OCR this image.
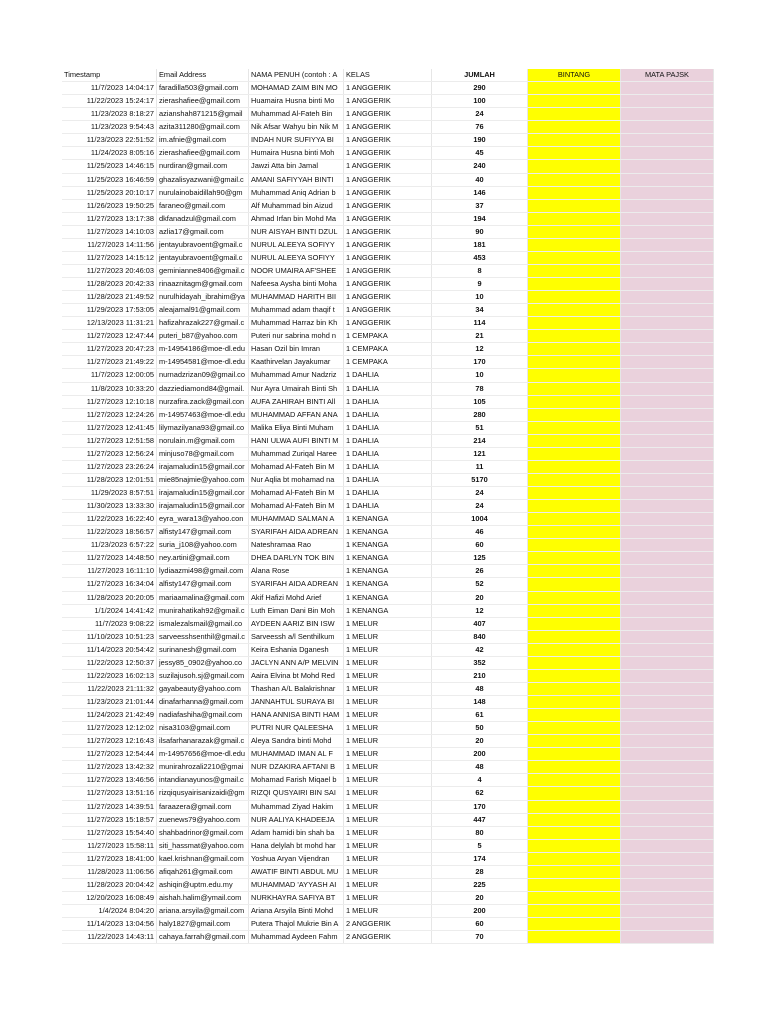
Timestamp	Email Address	NAMA PENUH (contoh : A	KELAS	JUMLAH	BINTANG	MATA PAJSK
11/7/2023 14:04:17	faradilla503@gmail.com	MOHAMAD ZAIM BIN MO	1 ANGGERIK	290		
11/22/2023 15:24:17	zierashafiee@gmail.com	Huamaira Husna binti Mo	1 ANGGERIK	100		
11/23/2023 8:18:27	azianshah871215@gmail	Muhammad Al-Fateh Bin	1 ANGGERIK	24		
11/23/2023 9:54:43	azita311280@gmail.com	Nik Afsar Wahyu bin Nik M	1 ANGGERIK	76		
11/23/2023 22:51:52	im.afnie@gmail.com	INDAH NUR SUFIYYA BI	1 ANGGERIK	190		
11/24/2023 8:05:16	zierashafiee@gmail.com	Humaira Husna binti Moh	1 ANGGERIK	45		
11/25/2023 14:46:15	nurdiran@gmail.com	Jawzi Atta bin Jamal	1 ANGGERIK	240		
11/25/2023 16:46:59	ghazalisyazwani@gmail.c	AMANI SAFIYYAH BINTI	1 ANGGERIK	40		
11/25/2023 20:10:17	nurulainobaidillah90@gm	Muhammad Aniq Adrian b	1 ANGGERIK	146		
11/26/2023 19:50:25	faraneo@gmail.com	Alf Muhammad bin Aizud	1 ANGGERIK	37		
11/27/2023 13:17:38	dkfanadzul@gmail.com	Ahmad Irfan bin Mohd Ma	1 ANGGERIK	194		
11/27/2023 14:10:03	azlia17@gmail.com	NUR AISYAH BINTI DZUL	1 ANGGERIK	90		
11/27/2023 14:11:56	jentayubravoent@gmail.c	NURUL ALEEYA SOFIYY	1 ANGGERIK	181		
11/27/2023 14:15:12	jentayubravoent@gmail.c	NURUL ALEEYA SOFIYY	1 ANGGERIK	453		
11/27/2023 20:46:03	geminianne8406@gmail.c	NOOR UMAIRA AF'SHEE	1 ANGGERIK	8		
11/28/2023 20:42:33	rinaaznitagm@gmail.com	Nafeesa Aysha binti Moha	1 ANGGERIK	9		
11/28/2023 21:49:52	nurulhidayah_ibrahim@ya	MUHAMMAD HARITH BII	1 ANGGERIK	10		
11/29/2023 17:53:05	aleajamal91@gmail.com	Muhammad adam thaqif t	1 ANGGERIK	34		
12/13/2023 11:31:21	hafizahrazak227@gmail.c	Muhammad Harraz bin Kh	1 ANGGERIK	114		
11/27/2023 12:47:44	puteri_b87@yahoo.com	Puteri nur sabrina mohd n	1 CEMPAKA	21		
11/27/2023 20:47:23	m-14954186@moe-dl.edu	Hasan Ozil bin Imran	1 CEMPAKA	12		
11/27/2023 21:49:22	m-14954581@moe-dl.edu	Kaathirvelan Jayakumar	1 CEMPAKA	170		
11/7/2023 12:00:05	nurnadzrizan09@gmail.co	Muhammad Amur Nadzriz	1 DAHLIA	10		
11/8/2023 10:33:20	dazziediamond84@gmail.	Nur Ayra Umairah Binti Sh	1 DAHLIA	78		
11/27/2023 12:10:18	nurzafira.zack@gmail.con	AUFA ZAHIRAH BINTI All	1 DAHLIA	105		
11/27/2023 12:24:26	m-14957463@moe-dl.edu	MUHAMMAD AFFAN ANA	1 DAHLIA	280		
11/27/2023 12:41:45	lilymazilyana93@gmail.co	Malika Eliya Binti Muham	1 DAHLIA	51		
11/27/2023 12:51:58	norulain.m@gmail.com	HANI ULWA AUFI BINTI M	1 DAHLIA	214		
11/27/2023 12:56:24	minjuso78@gmail.com	Muhammad Zuriqal Haree	1 DAHLIA	121		
11/27/2023 23:26:24	irajamaludin15@gmail.cor	Mohamad Al-Fateh Bin M	1 DAHLIA	11		
11/28/2023 12:01:51	mie85najmie@yahoo.com	Nur Aqlia bt mohamad na	1 DAHLIA	5170		
11/29/2023 8:57:51	irajamaludin15@gmail.cor	Mohamad Al-Fateh Bin M	1 DAHLIA	24		
11/30/2023 13:33:30	irajamaludin15@gmail.cor	Mohamad Al-Fateh Bin M	1 DAHLIA	24		
11/22/2023 16:22:40	eyra_wara13@yahoo.con	MUHAMMAD SALMAN A	1 KENANGA	1004		
11/22/2023 18:56:57	alfisty147@gmail.com	SYARIFAH AIDA ADREAN	1 KENANGA	46		
11/23/2023 6:57:22	suria_j108@yahoo.com	Nateshramaa Rao	1 KENANGA	60		
11/27/2023 14:48:50	ney.artini@gmail.com	DHEA DARLYN TOK BIN	1 KENANGA	125		
11/27/2023 16:11:10	lydiaazmi498@gmail.com	Alana Rose	1 KENANGA	26		
11/27/2023 16:34:04	alfisty147@gmail.com	SYARIFAH AIDA ADREAN	1 KENANGA	52		
11/28/2023 20:20:05	mariaamalina@gmail.com	Akif Hafizi Mohd Arief	1 KENANGA	20		
1/1/2024 14:41:42	munirahatikah92@gmail.c	Luth Eiman Dani Bin Moh	1 KENANGA	12		
11/7/2023 9:08:22	ismalezalsmail@gmail.co	AYDEEN AARIZ BIN ISW	1 MELUR	407		
11/10/2023 10:51:23	sarveesshsenthil@gmail.c	Sarveessh a/l Senthilkum	1 MELUR	840		
11/14/2023 20:54:42	surinanesh@gmail.com	Keira Eshania Dganesh	1 MELUR	42		
11/22/2023 12:50:37	jessy85_0902@yahoo.co	JACLYN ANN A/P MELVIN	1 MELUR	352		
11/22/2023 16:02:13	suzilajusoh.sj@gmail.com	Aaira Elvina bt Mohd Red	1 MELUR	210		
11/22/2023 21:11:32	gayabeauty@yahoo.com	Thashan A/L Balakrishnar	1 MELUR	48		
11/23/2023 21:01:44	dinafarhanna@gmail.com	JANNAHTUL SURAYA BI	1 MELUR	148		
11/24/2023 21:42:49	nadiafashiha@gmail.com	HANA ANNISA BINTI HAM	1 MELUR	61		
11/27/2023 12:12:02	nisa3103@gmail.com	PUTRI NUR QALEESHA	1 MELUR	50		
11/27/2023 12:16:43	ilsafarhanarazak@gmail.c	Aleya Sandra binti Mohd	1 MELUR	20		
11/27/2023 12:54:44	m-14957656@moe-dl.edu	MUHAMMAD IMAN AL F	1 MELUR	200		
11/27/2023 13:42:32	munirahrozali2210@gmai	NUR DZAKIRA AFTANI B	1 MELUR	48		
11/27/2023 13:46:56	intandianayunos@gmail.c	Mohamad Farish Miqael b	1 MELUR	4		
11/27/2023 13:51:16	rizqiqusyairisanizaidi@gm	RIZQI QUSYAIRI BIN SAI	1 MELUR	62		
11/27/2023 14:39:51	faraazera@gmail.com	Muhammad Ziyad Hakim	1 MELUR	170		
11/27/2023 15:18:57	zuenews79@yahoo.com	NUR AALIYA KHADEEJA	1 MELUR	447		
11/27/2023 15:54:40	shahbadrinor@gmail.com	Adam hamidi bin shah ba	1 MELUR	80		
11/27/2023 15:58:11	siti_hassmat@yahoo.com	Hana delylah bt mohd har	1 MELUR	5		
11/27/2023 18:41:00	kael.krishnan@gmail.com	Yoshua Aryan Vijendran	1 MELUR	174		
11/28/2023 11:06:56	afiqah261@gmail.com	AWATIF BINTI ABDUL MU	1 MELUR	28		
11/28/2023 20:04:42	ashiqin@uptm.edu.my	MUHAMMAD 'AYYASH AI	1 MELUR	225		
12/20/2023 16:08:49	aishah.halim@ymail.com	NURKHAYRA SAFIYA BT	1 MELUR	20		
1/4/2024 8:04:20	ariana.arsyila@gmail.com	Ariana Arsyila Binti Mohd	1 MELUR	200		
11/14/2023 13:04:56	haly1827@gmail.com	Putera Thajol Mukrie Bin A	2 ANGGERIK	60		
11/22/2023 14:43:11	cahaya.farrah@gmail.com	Muhammad Aydeen Fahm	2 ANGGERIK	70		
